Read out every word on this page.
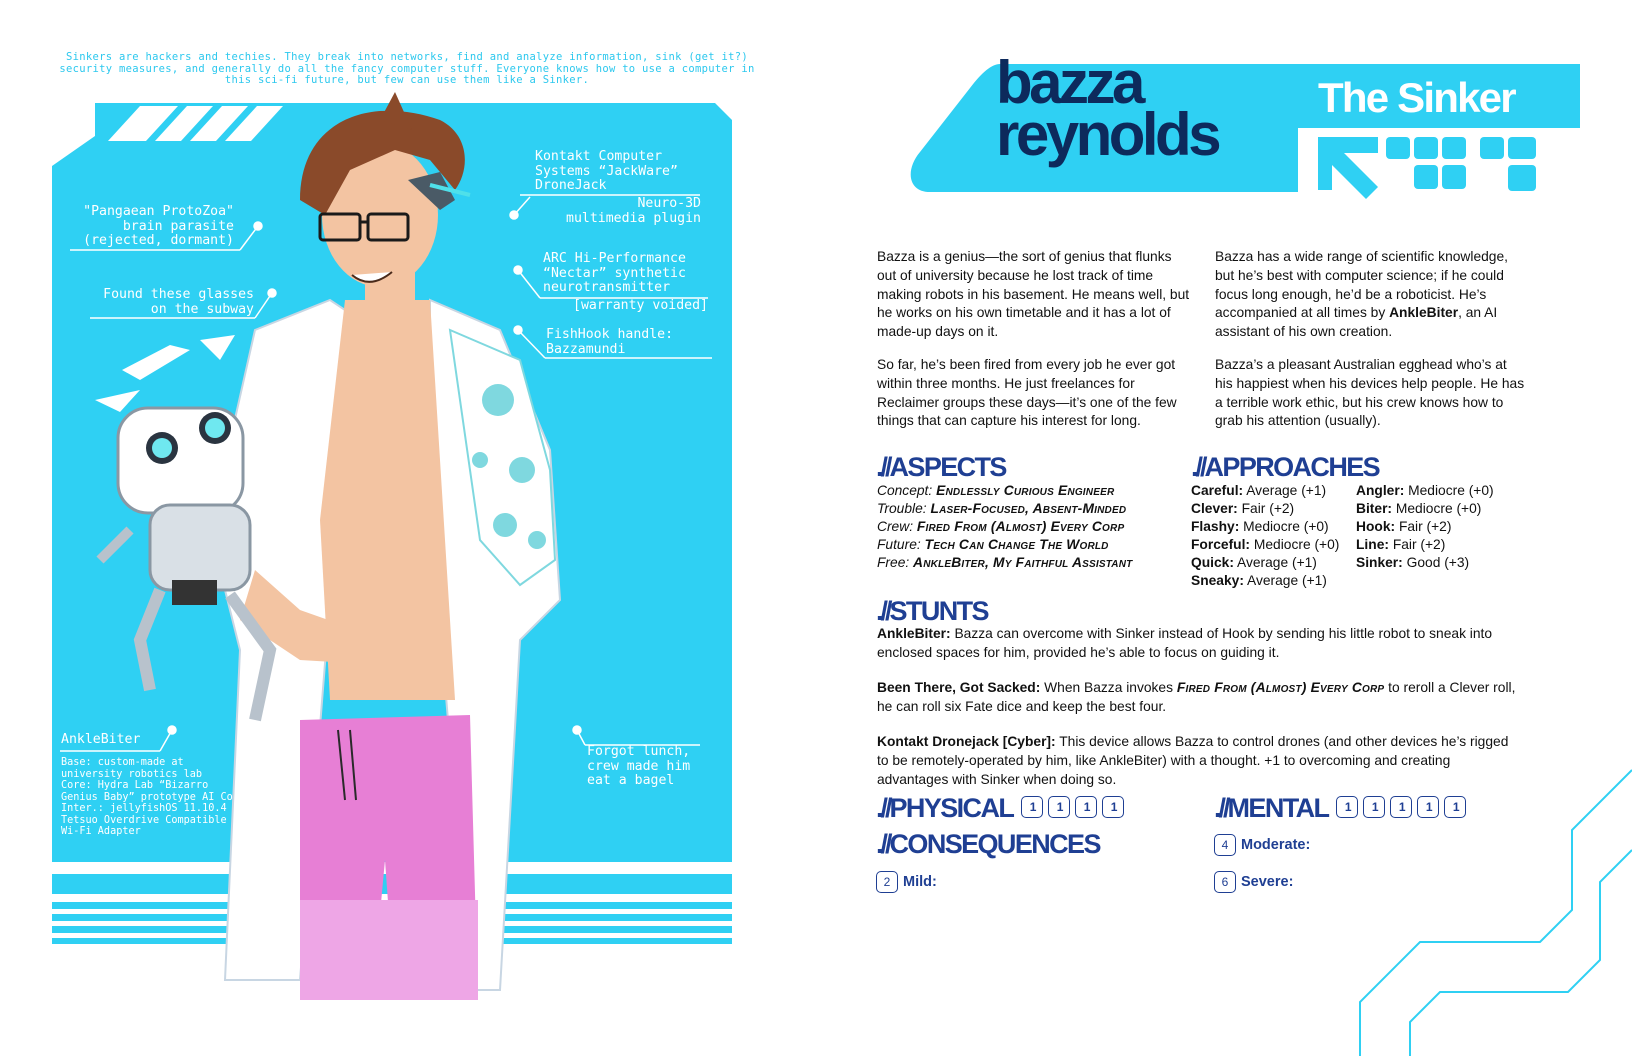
Sinkers are hackers and techies. They break into networks, find and analyze information, sink (get it?) security measures, and generally do all the fancy computer stuff. Everyone knows how to use a computer in this sci-fi future, but few can use them like a Sinker.
Kontakt Computer
Systems “JackWare”
DroneJack
Neuro-3D
multimedia plugin
ARC Hi-Performance
“Nectar” synthetic
neurotransmitter
[warranty voided]
FishHook handle:
Bazzamundi
"Pangaean ProtoZoa"
brain parasite
(rejected, dormant)
Found these glasses
on the subway
Forgot lunch,
crew made him
eat a bagel
AnkleBiter
Base: custom-made at
university robotics lab
Core: Hydra Lab “Bizarro
Genius Baby” prototype AI Core
Inter.: jellyfishOS 11.10.4
Tetsuo Overdrive Compatible
Wi-Fi Adapter
bazza
reynolds
The Sinker
Bazza is a genius—the sort of genius that flunks out of university because he lost track of time making robots in his basement. He means well, but he works on his own timetable and it has a lot of made-up days on it.
So far, he’s been fired from every job he ever got within three months. He just freelances for Reclaimer groups these days—it’s one of the few things that can capture his interest for long.
Bazza has a wide range of scientific knowledge, but he’s best with computer science; if he could focus long enough, he’d be a roboticist. He’s accompanied at all times by AnkleBiter, an AI assistant of his own creation.
Bazza’s a pleasant Australian egghead who’s at his happiest when his devices help people. He has a terrible work ethic, but his crew knows how to grab his attention (usually).
.//ASPECTS
Concept: Endlessly Curious Engineer
Trouble: Laser-Focused, Absent-Minded
Crew: Fired From (Almost) Every Corp
Future: Tech Can Change The World
Free: AnkleBiter, My Faithful Assistant
.//APPROACHES
Careful: Average (+1)
Clever: Fair (+2)
Flashy: Mediocre (+0)
Forceful: Mediocre (+0)
Quick: Average (+1)
Sneaky: Average (+1)
Angler: Mediocre (+0)
Biter: Mediocre (+0)
Hook: Fair (+2)
Line: Fair (+2)
Sinker: Good (+3)
.//STUNTS
AnkleBiter: Bazza can overcome with Sinker instead of Hook by sending his little robot to sneak into enclosed spaces for him, provided he’s able to focus on guiding it.
Been There, Got Sacked: When Bazza invokes Fired From (Almost) Every Corp to reroll a Clever roll, he can roll six Fate dice and keep the best four.
Kontakt Dronejack [Cyber]: This device allows Bazza to control drones (and other devices he’s rigged to be remotely-operated by him, like AnkleBiter) with a thought. +1 to overcoming and creating advantages with Sinker when doing so.
.//PHYSICAL	1	1	1	1	.//MENTAL	1	1	1	1	1
.//CONSEQUENCES
2 Mild:
4 Moderate:
6 Severe:
